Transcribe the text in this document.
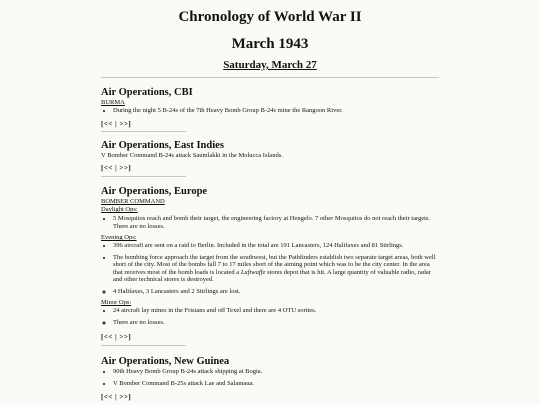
Chronology of World War II
March 1943
Saturday, March 27
Air Operations, CBI
BURMA
• During the night 5 B-24s of the 7th Heavy Bomb Group B-24s mine the Rangoon River.
[<< | >>]
Air Operations, East Indies
V Bomber Command B-24s attack Saumlakki in the Molucca Islands.
[<< | >>]
Air Operations, Europe
BOMBER COMMAND
Daylight Ops:
• 5 Mosquitos reach and bomb their target, the engineering factory at Hengelo. 7 other Mosquitos do not reach their targets. There are no losses.
Evening Ops:
• 396 aircraft are sent on a raid to Berlin. Included in the total are 191 Lancasters, 124 Halifaxes and 81 Stirlings.
• The bombing force approach the target from the southwest, but the Pathfinders establish two separate target areas, both well short of the city. Most of the bombs fall 7 to 17 miles short of the aiming point which was to be the city center. In the area that receives most of the bomb loads is located a Luftwaffe stores depot that is hit. A large quantity of valuable radio, radar and other technical stores is destroyed.
◦ 4 Halifaxes, 3 Lancasters and 2 Stirlings are lost.
Minor Ops:
• 24 aircraft lay mines in the Frisians and off Texel and there are 4 OTU sorties.
◦ There are no losses.
[<< | >>]
Air Operations, New Guinea
• 90th Heavy Bomb Group B-24s attack shipping at Bogia.
• V Bomber Command B-25s attack Lae and Salamaua.
[<< | >>]
